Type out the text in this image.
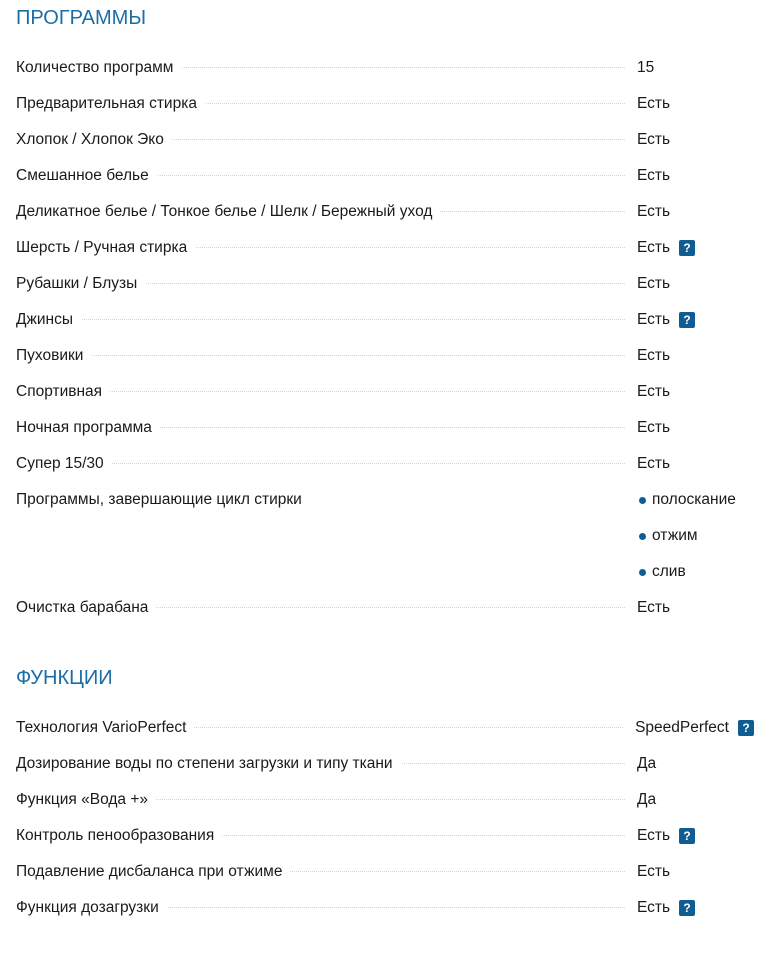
ПРОГРАММЫ
Количество программ	15
Предварительная стирка	Есть
Хлопок / Хлопок Эко	Есть
Смешанное белье	Есть
Деликатное белье / Тонкое белье / Шелк / Бережный уход	Есть
Шерсть / Ручная стирка	Есть	?
Рубашки / Блузы	Есть
Джинсы	Есть	?
Пуховики	Есть
Спортивная	Есть
Ночная программа	Есть
Супер 15/30	Есть
Программы, завершающие цикл стирки	полоскание
отжим
слив
Очистка барабана	Есть
ФУНКЦИИ
Технология VarioPerfect	SpeedPerfect	?
Дозирование воды по степени загрузки и типу ткани	Да
Функция «Вода +»	Да
Контроль пенообразования	Есть	?
Подавление дисбаланса при отжиме	Есть
Функция дозагрузки	Есть	?
